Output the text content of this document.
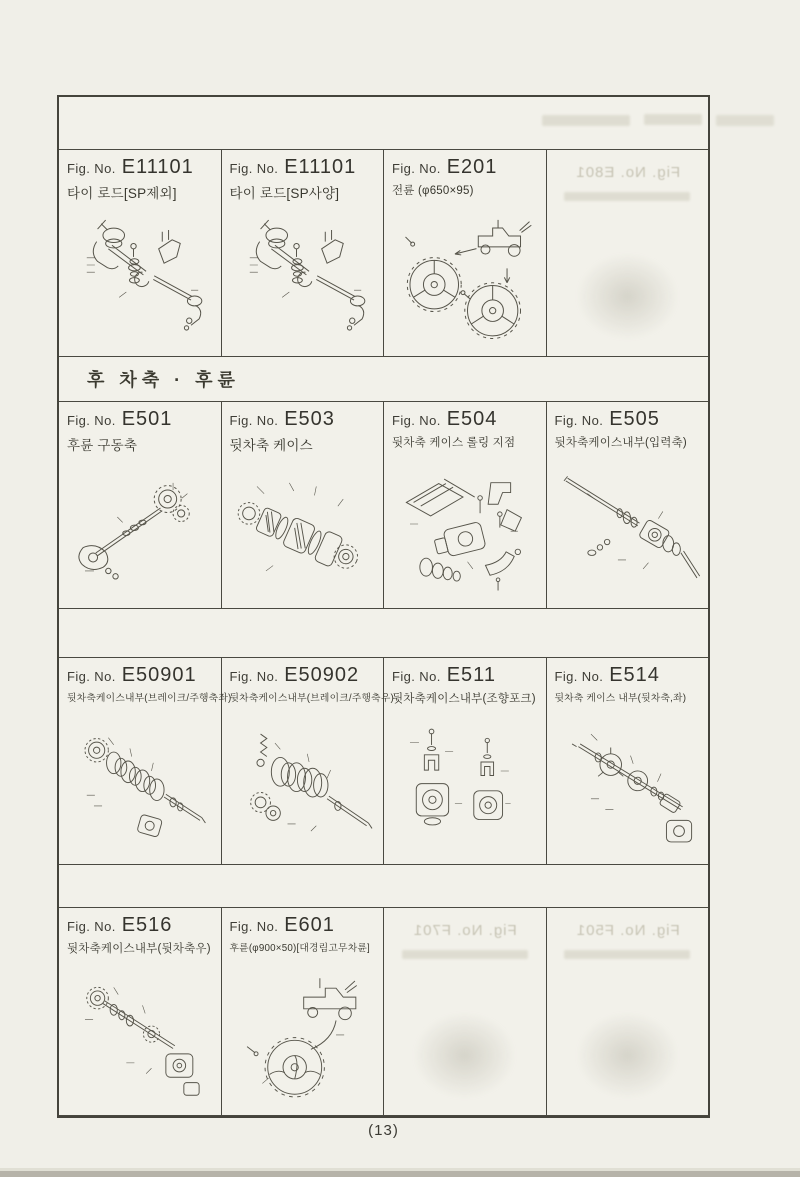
Fig. No. E11101
타이 로드[SP제외]
Fig. No. E11101
타이 로드[SP사양]
Fig. No. E201
전륜 (φ650×95)
Fig. No. E801
후 차축 · 후륜
Fig. No. E501
후륜 구동축
Fig. No. E503
뒷차축 케이스
Fig. No. E504
뒷차축 케이스 롤링 지점
Fig. No. E505
뒷차축케이스내부(입력축)
Fig. No. E50901
뒷차축케이스내부(브레이크/주행축좌)
Fig. No. E50902
뒷차축케이스내부(브레이크/주행축우)
Fig. No. E511
뒷차축케이스내부(조향포크)
Fig. No. E514
뒷차축 케이스 내부(뒷차축,좌)
Fig. No. E516
뒷차축케이스내부(뒷차축우)
Fig. No. E601
후륜(φ900×50)[대경림고무차륜]
Fig. No. F701	Fig. No. F501
(13)
